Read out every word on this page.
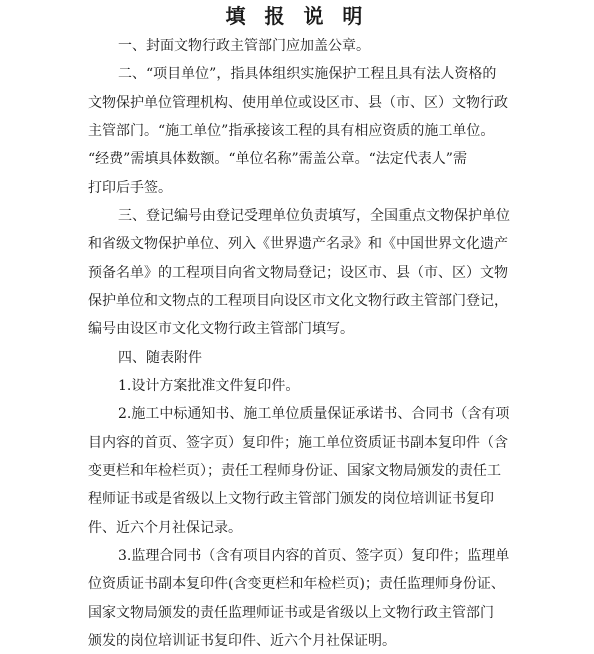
填 报 说 明
一、封面文物行政主管部门应加盖公章。
二、“项目单位”，指具体组织实施保护工程且具有法人资格的
文物保护单位管理机构、使用单位或设区市、县（市、区）文物行政
主管部门。“施工单位”指承接该工程的具有相应资质的施工单位。
“经费”需填具体数额。“单位名称”需盖公章。“法定代表人”需
打印后手签。
三、登记编号由登记受理单位负责填写，全国重点文物保护单位
和省级文物保护单位、列入《世界遗产名录》和《中国世界文化遗产
预备名单》的工程项目向省文物局登记；设区市、县（市、区）文物
保护单位和文物点的工程项目向设区市文化文物行政主管部门登记，
编号由设区市文化文物行政主管部门填写。
四、随表附件
1.设计方案批准文件复印件。
2.施工中标通知书、施工单位质量保证承诺书、合同书（含有项
目内容的首页、签字页）复印件；施工单位资质证书副本复印件（含
变更栏和年检栏页）；责任工程师身份证、国家文物局颁发的责任工
程师证书或是省级以上文物行政主管部门颁发的岗位培训证书复印
件、近六个月社保记录。
3.监理合同书（含有项目内容的首页、签字页）复印件；监理单
位资质证书副本复印件(含变更栏和年检栏页)；责任监理师身份证、
国家文物局颁发的责任监理师证书或是省级以上文物行政主管部门
颁发的岗位培训证书复印件、近六个月社保证明。
